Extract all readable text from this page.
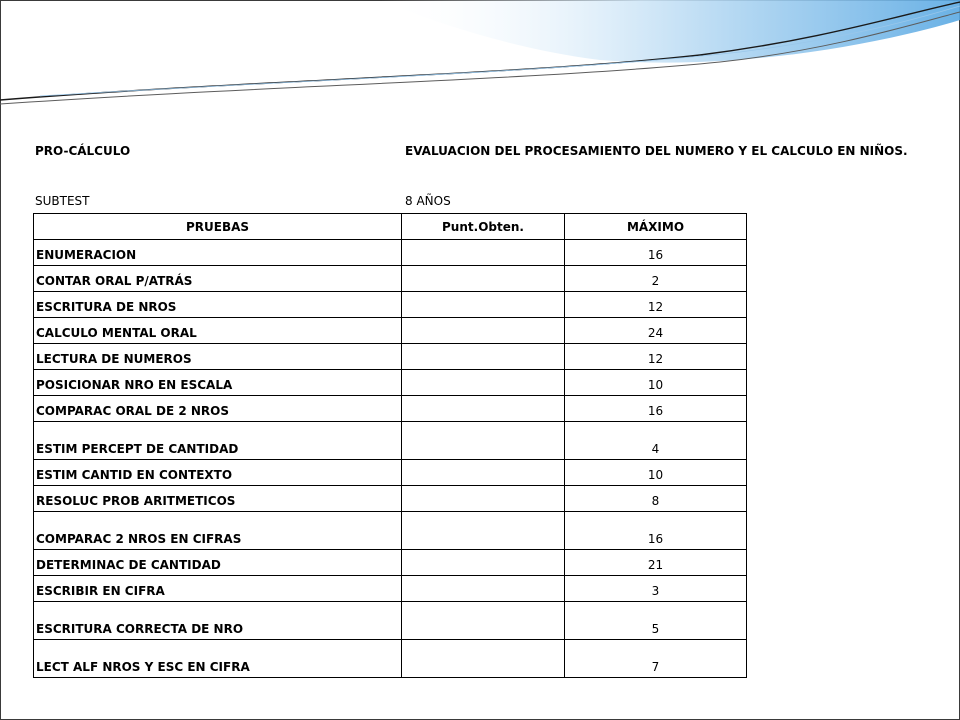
PRO-CÁLCULO	EVALUACION DEL PROCESAMIENTO DEL NUMERO Y EL CALCULO EN NIÑOS.
SUBTEST	8 AÑOS
PRUEBAS	Punt.Obten.	MÁXIMO
ENUMERACION		16
CONTAR ORAL P/ATRÁS		2
ESCRITURA DE NROS		12
CALCULO MENTAL ORAL		24
LECTURA DE NUMEROS		12
POSICIONAR NRO EN ESCALA		10
COMPARAC ORAL DE 2 NROS		16
ESTIM PERCEPT DE CANTIDAD		4
ESTIM CANTID EN CONTEXTO		10
RESOLUC PROB ARITMETICOS		8
COMPARAC 2 NROS EN CIFRAS		16
DETERMINAC DE CANTIDAD		21
ESCRIBIR EN CIFRA		3
ESCRITURA CORRECTA DE NRO		5
LECT ALF NROS Y ESC EN CIFRA		7
